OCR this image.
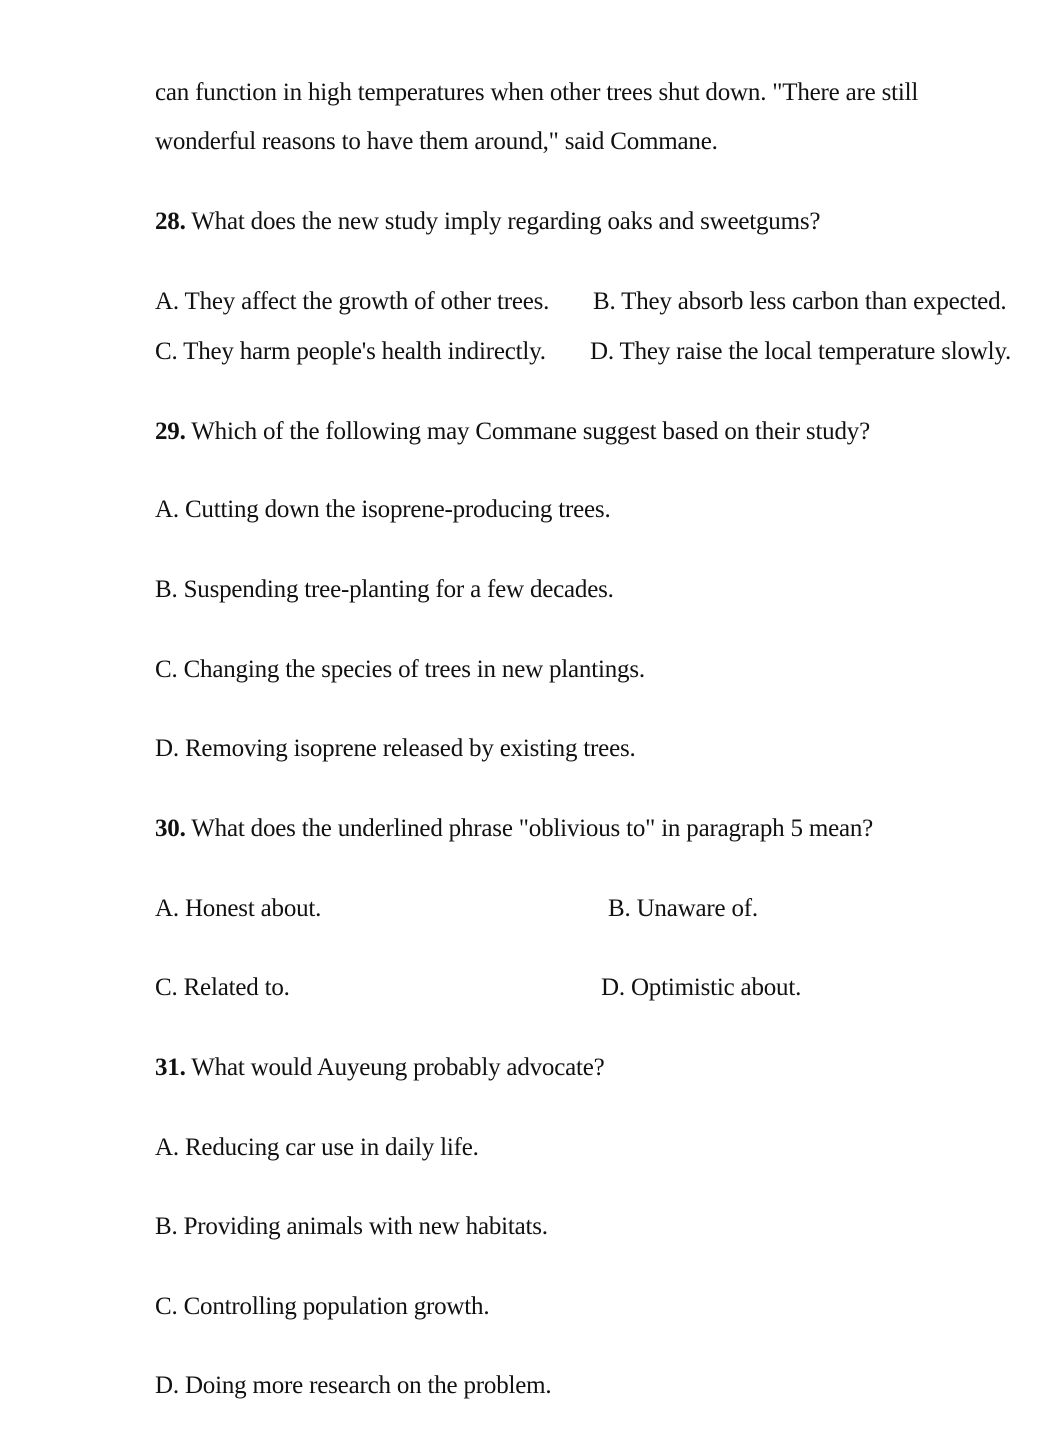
can function in high temperatures when other trees shut down. "There are still
wonderful reasons to have them around," said Commane.
28. What does the new study imply regarding oaks and sweetgums?
A. They affect the growth of other trees. B. They absorb less carbon than expected.
C. They harm people's health indirectly. D. They raise the local temperature slowly.
29. Which of the following may Commane suggest based on their study?
A. Cutting down the isoprene-producing trees.
B. Suspending tree-planting for a few decades.
C. Changing the species of trees in new plantings.
D. Removing isoprene released by existing trees.
30. What does the underlined phrase "oblivious to" in paragraph 5 mean?
A. Honest about.	B. Unaware of.
C. Related to.	D. Optimistic about.
31. What would Auyeung probably advocate?
A. Reducing car use in daily life.
B. Providing animals with new habitats.
C. Controlling population growth.
D. Doing more research on the problem.
